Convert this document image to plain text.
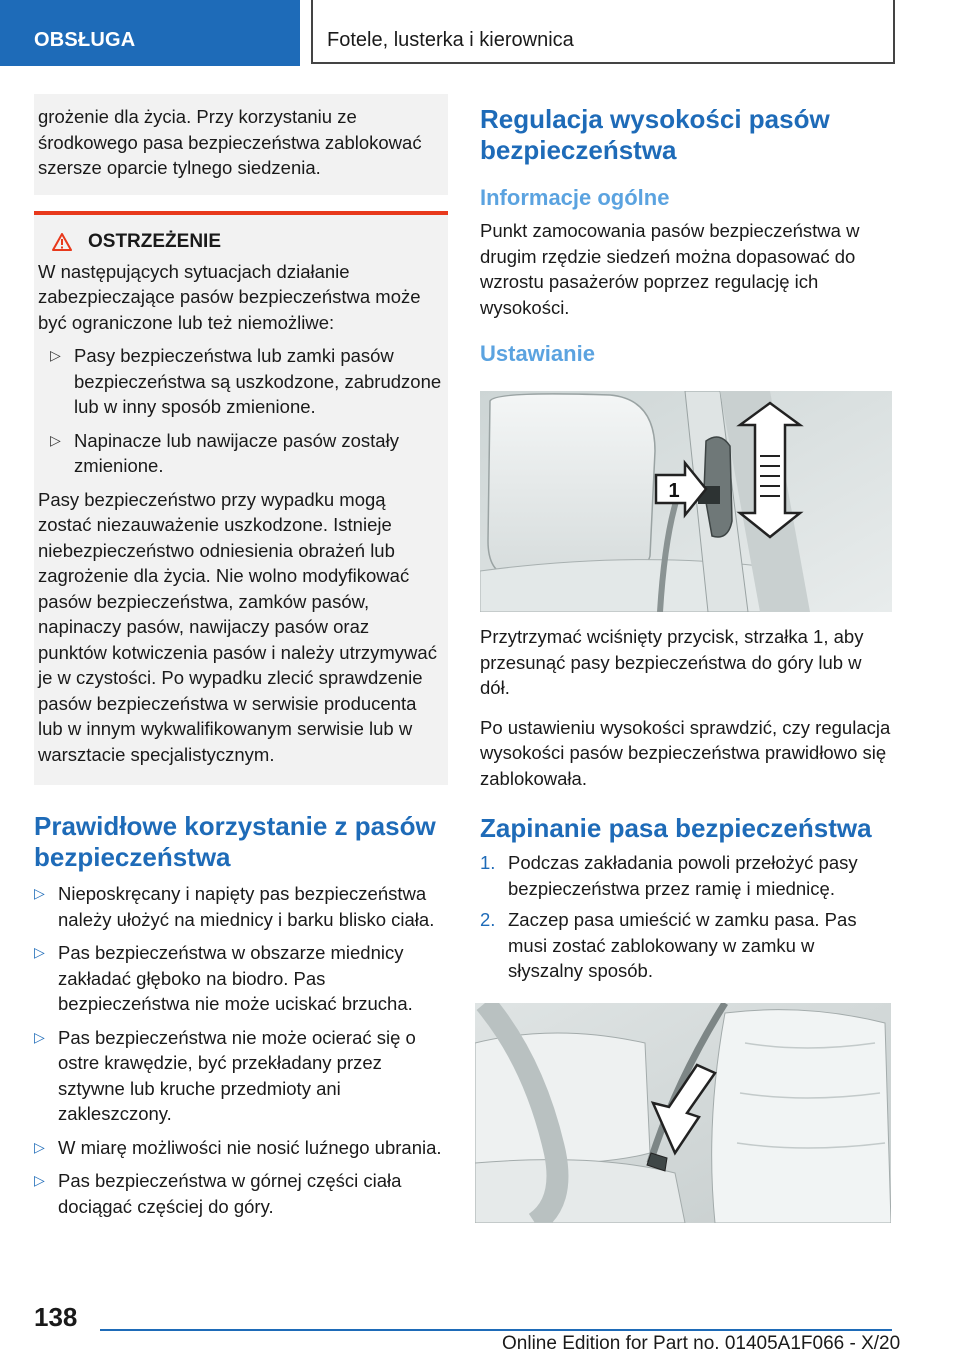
OBSŁUGA	Fotele, lusterka i kierownica

grożenie dla życia. Przy korzystaniu ze środkowego pasa bezpieczeństwa zablokować szersze oparcie tylnego siedzenia.

OSTRZEŻENIE

W następujących sytuacjach działanie zabezpieczające pasów bezpieczeństwa może być ograniczone lub też niemożliwe:

▷ Pasy bezpieczeństwa lub zamki pasów bezpieczeństwa są uszkodzone, zabrudzone lub w inny sposób zmienione.
▷ Napinacze lub nawijacze pasów zostały zmienione.

Pasy bezpieczeństwo przy wypadku mogą zostać niezauważenie uszkodzone. Istnieje niebezpieczeństwo odniesienia obrażeń lub zagrożenie dla życia. Nie wolno modyfikować pasów bezpieczeństwa, zamków pasów, napinaczy pasów, nawijaczy pasów oraz punktów kotwiczenia pasów i należy utrzymywać je w czystości. Po wypadku zlecić sprawdzenie pasów bezpieczeństwa w serwisie producenta lub w innym wykwalifikowanym serwisie lub w warsztacie specjalistycznym.

Prawidłowe korzystanie z pasów bezpieczeństwa
▷ Nieposkręcany i napięty pas bezpieczeństwa należy ułożyć na miednicy i barku blisko ciała.
▷ Pas bezpieczeństwa w obszarze miednicy zakładać głęboko na biodro. Pas bezpieczeństwa nie może uciskać brzucha.
▷ Pas bezpieczeństwa nie może ocierać się o ostre krawędzie, być przekładany przez sztywne lub kruche przedmioty ani zakleszczony.
▷ W miarę możliwości nie nosić luźnego ubrania.
▷ Pas bezpieczeństwa w górnej części ciała dociągać częściej do góry.
Regulacja wysokości pasów bezpieczeństwa
Informacje ogólne

Punkt zamocowania pasów bezpieczeństwa w drugim rzędzie siedzeń można dopasować do wzrostu pasażerów poprzez regulację ich wysokości.

Ustawianie
1

Przytrzymać wciśnięty przycisk, strzałka 1, aby przesunąć pasy bezpieczeństwa do góry lub w dół.

Po ustawieniu wysokości sprawdzić, czy regulacja wysokości pasów bezpieczeństwa prawidłowo się zablokowała.

Zapinanie pasa bezpieczeństwa
1. Podczas zakładania powoli przełożyć pasy bezpieczeństwa przez ramię i miednicę.
2. Zaczep pasa umieścić w zamku pasa. Pas musi zostać zablokowany w zamku w słyszalny sposób.
138
Online Edition for Part no. 01405A1F066 - X/20
